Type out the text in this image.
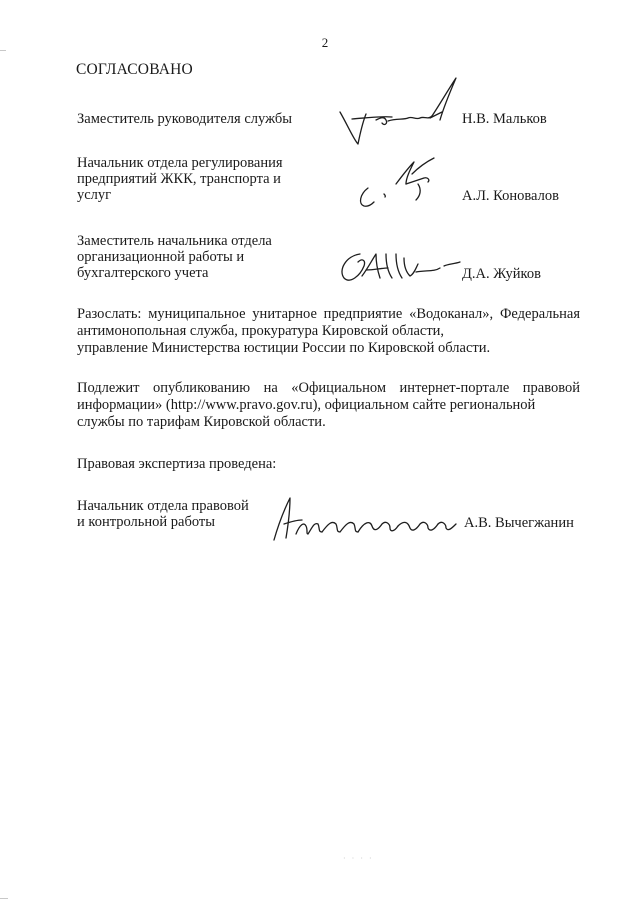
2
СОГЛАСОВАНО
Заместитель руководителя службы	Н.В. Мальков
Начальник отдела регулирования
предприятий ЖКК, транспорта и
услуг	А.Л. Коновалов
Заместитель начальника отдела
организационной работы и
бухгалтерского учета	Д.А. Жуйков
Разослать: муниципальное унитарное предприятие «Водоканал», Федеральная антимонопольная служба, прокуратура Кировской области,
управление Министерства юстиции России по Кировской области.
Подлежит опубликованию на «Официальном интернет-портале правовой информации» (http://www.pravo.gov.ru), официальном сайте региональной
службы по тарифам Кировской области.
Правовая экспертиза проведена:
Начальник отдела правовой
и контрольной работы	А.В. Вычегжанин
· · · ·
